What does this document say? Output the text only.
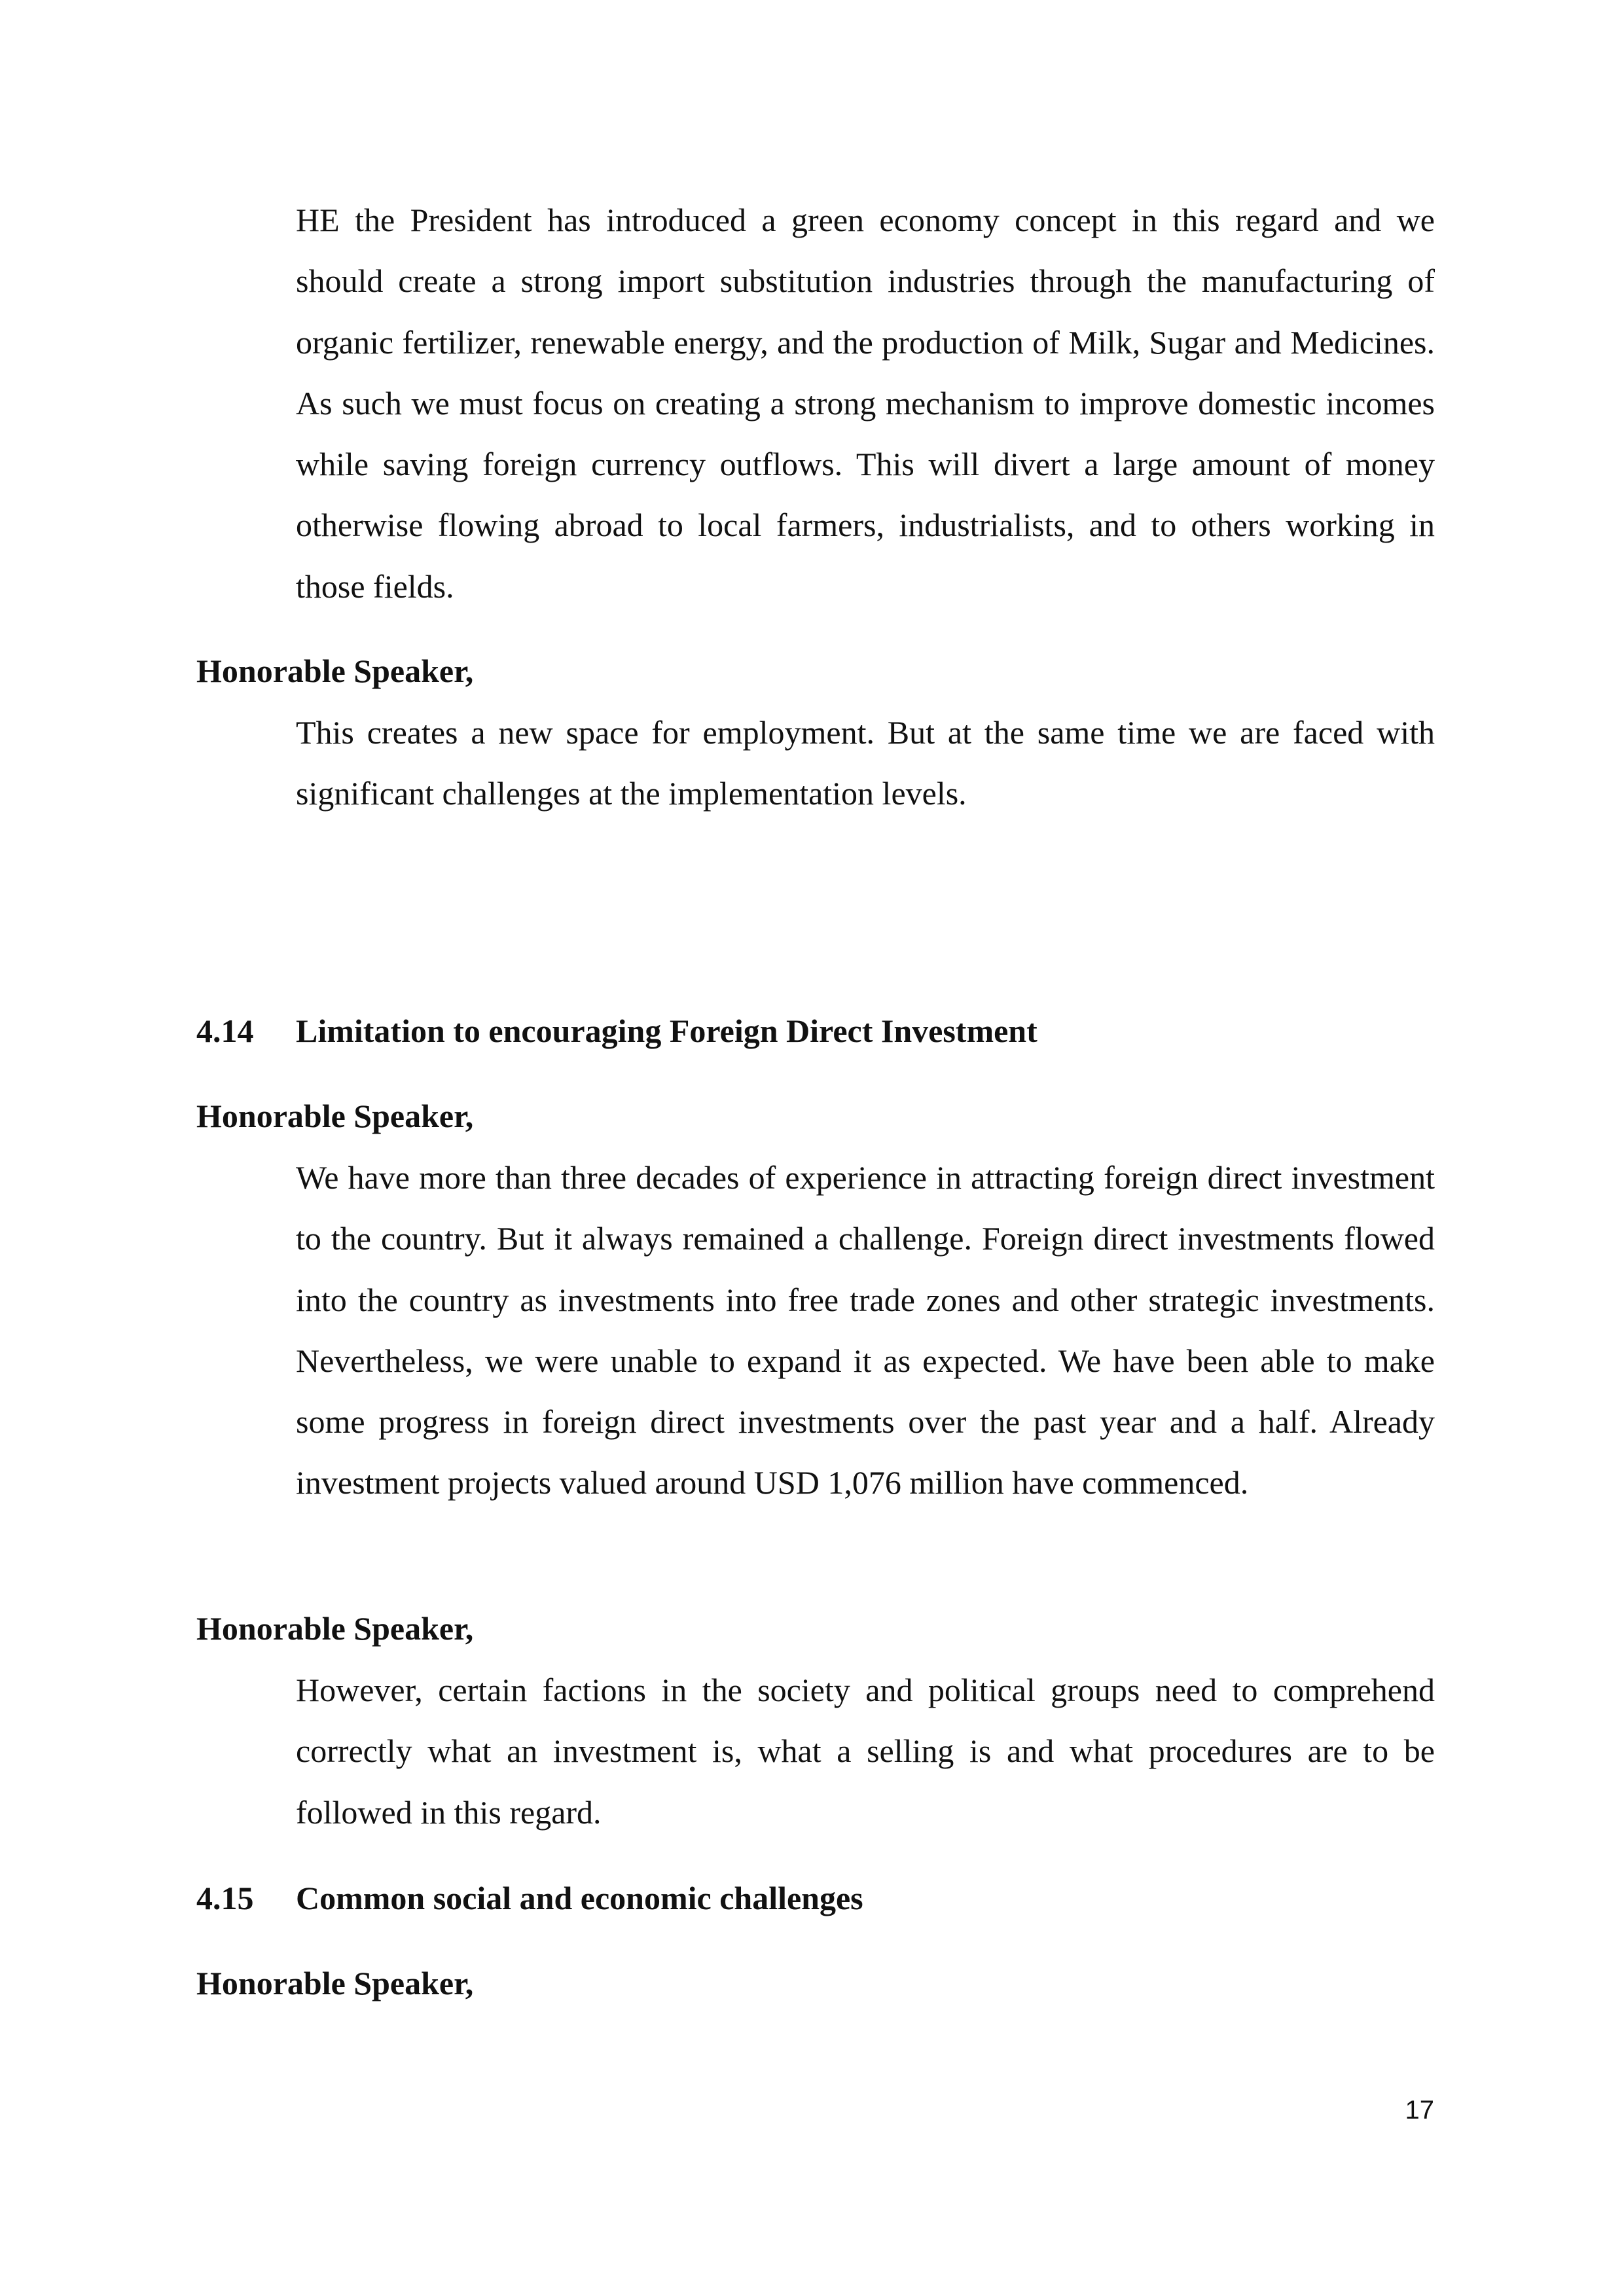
HE the President has introduced a green economy concept in this regard and we should create a strong import substitution industries through the manufacturing of organic fertilizer, renewable energy, and the production of Milk, Sugar and Medicines. As such we must focus on creating a strong mechanism to improve domestic incomes while saving foreign currency outflows. This will divert a large amount of money otherwise flowing abroad to local farmers, industrialists, and to others working in those fields.

Honorable Speaker,

This creates a new space for employment. But at the same time we are faced with significant challenges at the implementation levels.

4.14 Limitation to encouraging Foreign Direct Investment
Honorable Speaker,

We have more than three decades of experience in attracting foreign direct investment to the country. But it always remained a challenge. Foreign direct investments flowed into the country as investments into free trade zones and other strategic investments. Nevertheless, we were unable to expand it as expected. We have been able to make some progress in foreign direct investments over the past year and a half. Already investment projects valued around USD 1,076 million have commenced.

Honorable Speaker,

However, certain factions in the society and political groups need to comprehend correctly what an investment is, what a selling is and what procedures are to be followed in this regard.

4.15 Common social and economic challenges
Honorable Speaker,
17
